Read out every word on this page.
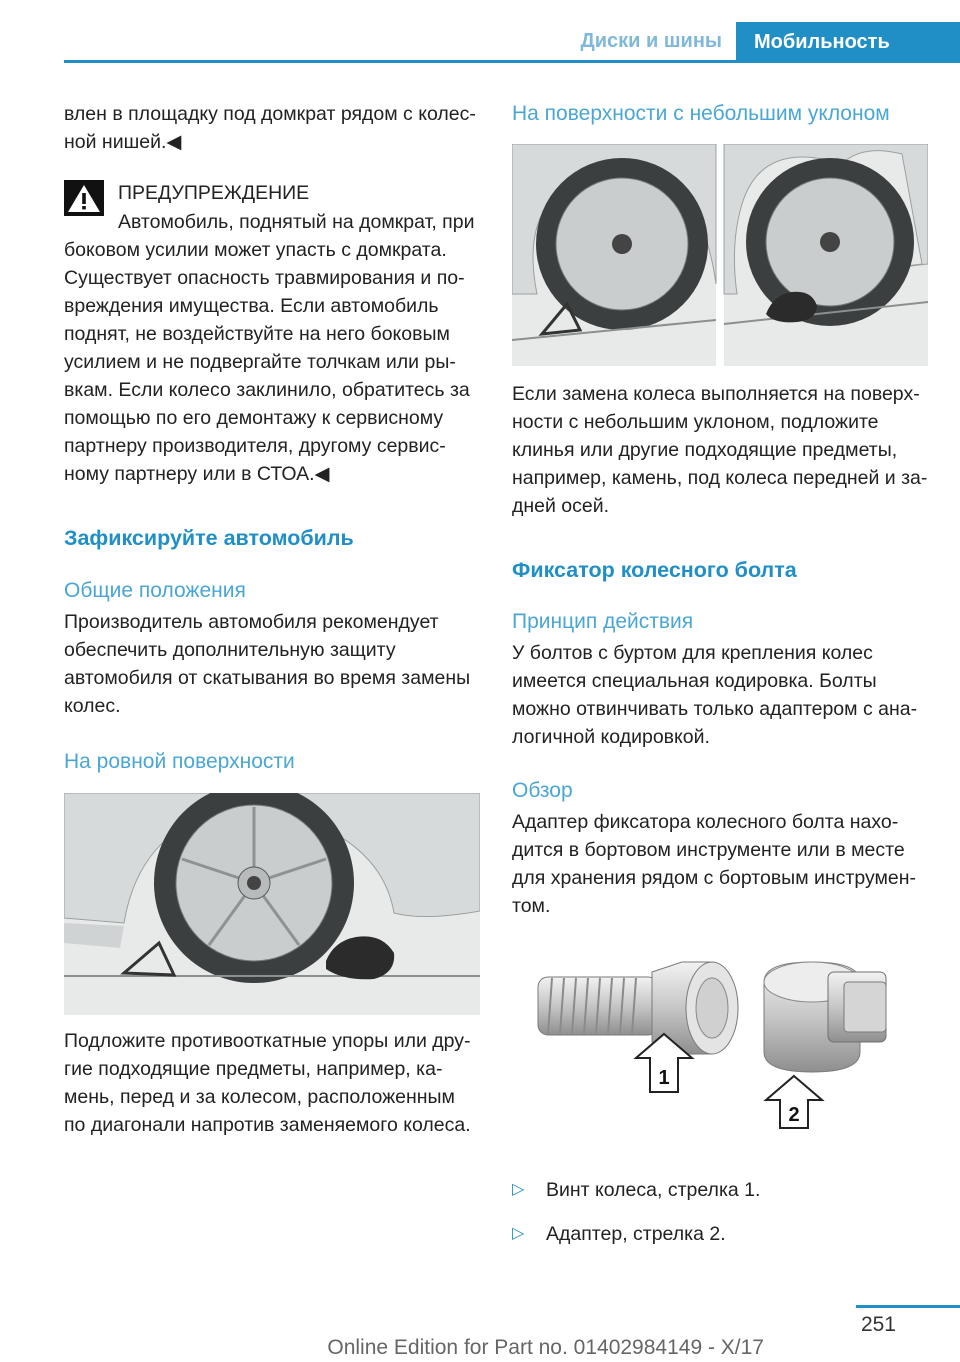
Диски и шины	Мобильность

влен в площадку под домкрат рядом с колес‐ной нишей.◀

ПРЕДУПРЕЖДЕНИЕ

Автомобиль, поднятый на домкрат, при

боковом усилии может упасть с домкрата. Существует опасность травмирования и по‐вреждения имущества. Если автомобиль поднят, не воздействуйте на него боковым усилием и не подвергайте толчкам или ры‐вкам. Если колесо заклинило, обратитесь за помощью по его демонтажу к сервисному партнеру производителя, другому сервис‐ному партнеру или в СТОА.◀

Зафиксируйте автомобиль

Общие положения

Производитель автомобиля рекомендует обеспечить дополнительную защиту автомобиля от скатывания во время замены колес.

На ровной поверхности

Подложите противооткатные упоры или дру‐гие подходящие предметы, например, ка‐мень, перед и за колесом, расположенным по диагонали напротив заменяемого колеса.

На поверхности с небольшим уклоном

Если замена колеса выполняется на поверх‐ности с небольшим уклоном, подложите клинья или другие подходящие предметы, например, камень, под колеса передней и за‐дней осей.

Фиксатор колесного болта

Принцип действия

У болтов с буртом для крепления колес имеется специальная кодировка. Болты можно отвинчивать только адаптером с ана‐логичной кодировкой.

Обзор

Адаптер фиксатора колесного болта нахо‐дится в бортовом инструменте или в месте для хранения рядом с бортовым инструмен‐том.

1
2
▷ Винт колеса, стрелка 1.
▷ Адаптер, стрелка 2.
251
Online Edition for Part no. 01402984149 - X/17
